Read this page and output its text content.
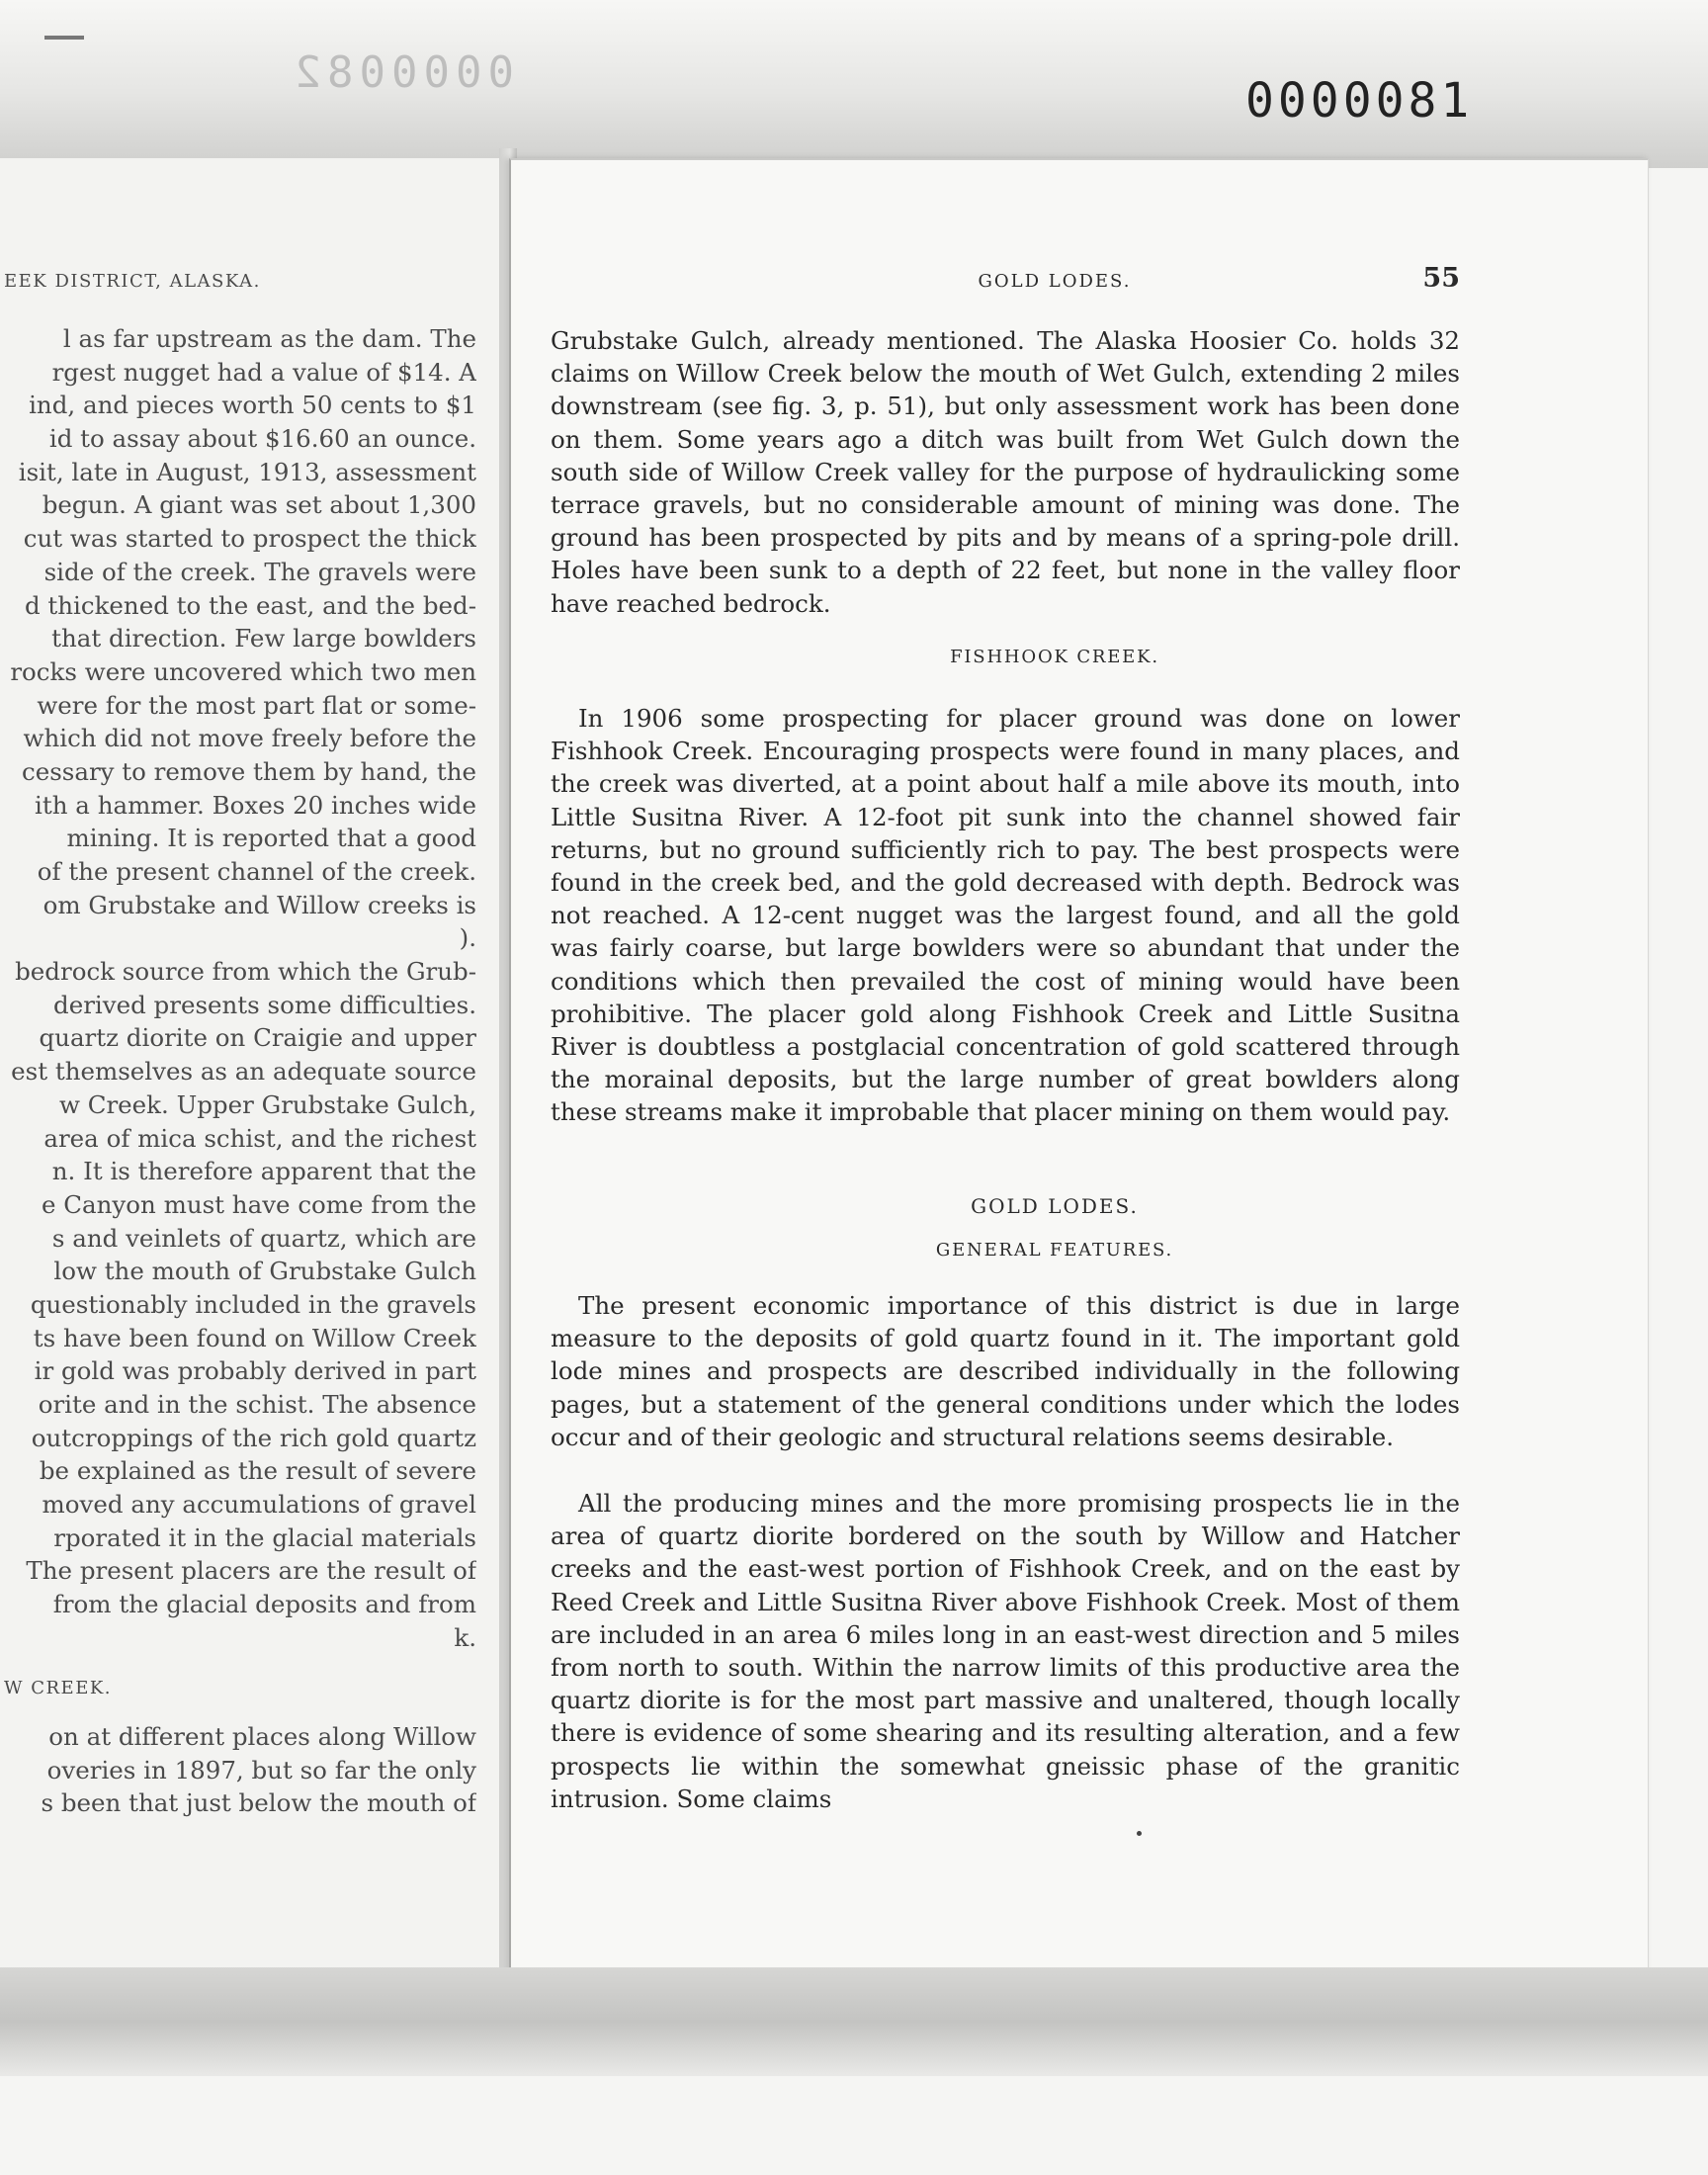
0000082
0000081
EEK DISTRICT, ALASKA.
l as far upstream as the dam. The
rgest nugget had a value of $14. A
ind, and pieces worth 50 cents to $1
id to assay about $16.60 an ounce.
isit, late in August, 1913, assessment
begun. A giant was set about 1,300
cut was started to prospect the thick
side of the creek. The gravels were
d thickened to the east, and the bed-
that direction. Few large bowlders
rocks were uncovered which two men
were for the most part flat or some-
which did not move freely before the
cessary to remove them by hand, the
ith a hammer. Boxes 20 inches wide
mining. It is reported that a good
of the present channel of the creek.
om Grubstake and Willow creeks is
).
bedrock source from which the Grub-
derived presents some difficulties.
quartz diorite on Craigie and upper
est themselves as an adequate source
w Creek. Upper Grubstake Gulch,
area of mica schist, and the richest
n. It is therefore apparent that the
e Canyon must have come from the
s and veinlets of quartz, which are
low the mouth of Grubstake Gulch
questionably included in the gravels
ts have been found on Willow Creek
ir gold was probably derived in part
orite and in the schist. The absence
outcroppings of the rich gold quartz
be explained as the result of severe
moved any accumulations of gravel
rporated it in the glacial materials
The present placers are the result of
from the glacial deposits and from
k.
W CREEK.
on at different places along Willow
overies in 1897, but so far the only
s been that just below the mouth of
GOLD LODES.	55
Grubstake Gulch, already mentioned. The Alaska Hoosier Co. holds 32 claims on Willow Creek below the mouth of Wet Gulch, extending 2 miles downstream (see fig. 3, p. 51), but only assessment work has been done on them. Some years ago a ditch was built from Wet Gulch down the south side of Willow Creek valley for the purpose of hydraulicking some terrace gravels, but no considerable amount of mining was done. The ground has been prospected by pits and by means of a spring-pole drill. Holes have been sunk to a depth of 22 feet, but none in the valley floor have reached bedrock.
FISHHOOK CREEK.
In 1906 some prospecting for placer ground was done on lower Fishhook Creek. Encouraging prospects were found in many places, and the creek was diverted, at a point about half a mile above its mouth, into Little Susitna River. A 12-foot pit sunk into the channel showed fair returns, but no ground sufficiently rich to pay. The best prospects were found in the creek bed, and the gold decreased with depth. Bedrock was not reached. A 12-cent nugget was the largest found, and all the gold was fairly coarse, but large bowlders were so abundant that under the conditions which then prevailed the cost of mining would have been prohibitive. The placer gold along Fishhook Creek and Little Susitna River is doubtless a postglacial concentration of gold scattered through the morainal deposits, but the large number of great bowlders along these streams make it improbable that placer mining on them would pay.
GOLD LODES.
GENERAL FEATURES.
The present economic importance of this district is due in large measure to the deposits of gold quartz found in it. The important gold lode mines and prospects are described individually in the following pages, but a statement of the general conditions under which the lodes occur and of their geologic and structural relations seems desirable.
All the producing mines and the more promising prospects lie in the area of quartz diorite bordered on the south by Willow and Hatcher creeks and the east-west portion of Fishhook Creek, and on the east by Reed Creek and Little Susitna River above Fishhook Creek. Most of them are included in an area 6 miles long in an east-west direction and 5 miles from north to south. Within the narrow limits of this productive area the quartz diorite is for the most part massive and unaltered, though locally there is evidence of some shearing and its resulting alteration, and a few prospects lie within the somewhat gneissic phase of the granitic intrusion. Some claims
